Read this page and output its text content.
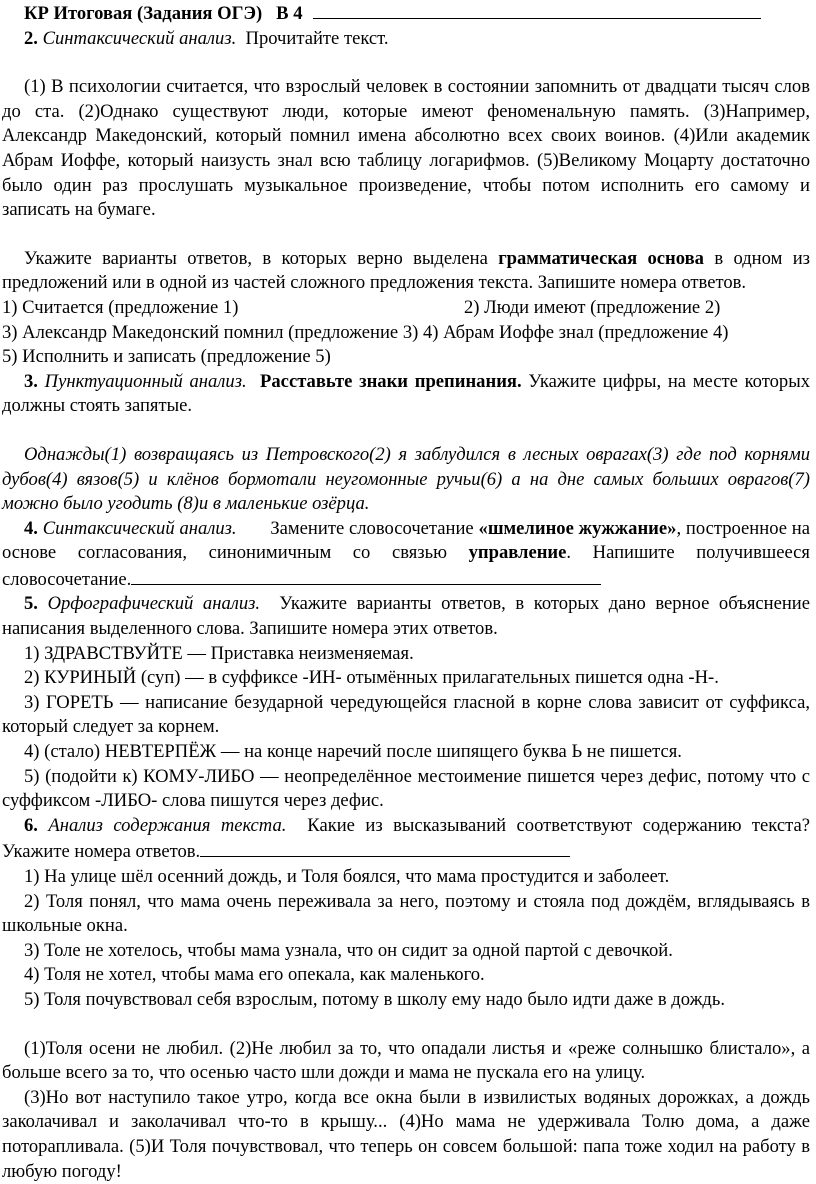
КР Итоговая (Задания ОГЭ)   В 4

2. Синтаксический анализ. Прочитайте текст.

(1) В психологии считается, что взрослый человек в состоянии запомнить от двадцати тысяч слов до ста. (2)Однако существуют люди, которые имеют феноменальную память. (3)Например, Александр Македонский, который помнил имена абсолютно всех своих воинов. (4)Или академик Абрам Иоффе, который наизусть знал всю таблицу логарифмов. (5)Великому Моцарту достаточно было один раз прослушать музыкальное произведение, чтобы потом исполнить его самому и записать на бумаге.

Укажите варианты ответов, в которых верно выделена грамматическая основа в одном из предложений или в одной из частей сложного предложения текста. Запишите номера ответов.

1) Считается (предложение 1)	2) Люди имеют (предложение 2)
3) Александр Македонский помнил (предложение 3) 4) Абрам Иоффе знал (предложение 4)

5) Исполнить и записать (предложение 5)

3. Пунктуационный анализ. Расставьте знаки препинания. Укажите цифры, на месте которых должны стоять запятые.

Однажды(1) возвращаясь из Петровского(2) я заблудился в лесных оврагах(3) где под корнями дубов(4) вязов(5) и клёнов бормотали неугомонные ручьи(6) а на дне самых больших оврагов(7) можно было угодить (8)и в маленькие озёрца.

4. Синтаксический анализ. Замените словосочетание «шмелиное жужжание», построенное на основе согласования, синонимичным со связью управление. Напишите получившееся словосочетание.

5. Орфографический анализ. Укажите варианты ответов, в которых дано верное объяснение написания выделенного слова. Запишите номера этих ответов.

1) ЗДРАВСТВУЙТЕ — Приставка неизменяемая.

2) КУРИНЫЙ (суп) — в суффиксе -ИН- отымённых прилагательных пишется одна -Н-.

3) ГОРЕТЬ — написание безударной чередующейся гласной в корне слова зависит от суффикса, который следует за корнем.

4) (стало) НЕВТЕРПЁЖ — на конце наречий после шипящего буква Ь не пишется.

5) (подойти к) КОМУ-ЛИБО — неопределённое местоимение пишется через дефис, потому что с суффиксом -ЛИБО- слова пишутся через дефис.

6. Анализ содержания текста. Какие из высказываний соответствуют содержанию текста? Укажите номера ответов.

1) На улице шёл осенний дождь, и Толя боялся, что мама простудится и заболеет.

2) Толя понял, что мама очень переживала за него, поэтому и стояла под дождём, вглядываясь в школьные окна.

3) Толе не хотелось, чтобы мама узнала, что он сидит за одной партой с девочкой.

4) Толя не хотел, чтобы мама его опекала, как маленького.

5) Толя почувствовал себя взрослым, потому в школу ему надо было идти даже в дождь.

(1)Толя осени не любил. (2)Не любил за то, что опадали листья и «реже солнышко блистало», а больше всего за то, что осенью часто шли дожди и мама не пускала его на улицу.

(3)Но вот наступило такое утро, когда все окна были в извилистых водяных дорожках, а дождь заколачивал и заколачивал что-то в крышу... (4)Но мама не удерживала Толю дома, а даже поторапливала. (5)И Толя почувствовал, что теперь он совсем большой: папа тоже ходил на работу в любую погоду!
